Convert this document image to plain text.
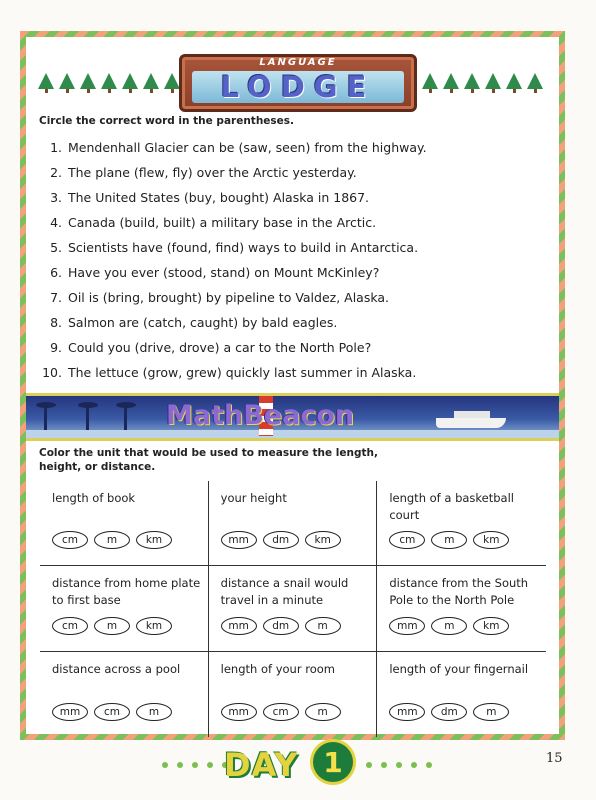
LANGUAGE
LODGE
Circle the correct word in the parentheses.
1. Mendenhall Glacier can be (saw, seen) from the highway.
2. The plane (flew, fly) over the Arctic yesterday.
3. The United States (buy, bought) Alaska in 1867.
4. Canada (build, built) a military base in the Arctic.
5. Scientists have (found, find) ways to build in Antarctica.
6. Have you ever (stood, stand) on Mount McKinley?
7. Oil is (bring, brought) by pipeline to Valdez, Alaska.
8. Salmon are (catch, caught) by bald eagles.
9. Could you (drive, drove) a car to the North Pole?
10. The lettuce (grow, grew) quickly last summer in Alaska.
MathBeacon
Color the unit that would be used to measure the length,
height, or distance.
length of book
cm	m	km
your height
mm	dm	km
length of a basketball court
cm	m	km
distance from home plate to first base
cm	m	km
distance a snail would travel in a minute
mm	dm	m
distance from the South Pole to the North Pole
mm	m	km
distance across a pool
mm	cm	m
length of your room
mm	cm	m
length of your fingernail
mm	dm	m
DAY 1	15
